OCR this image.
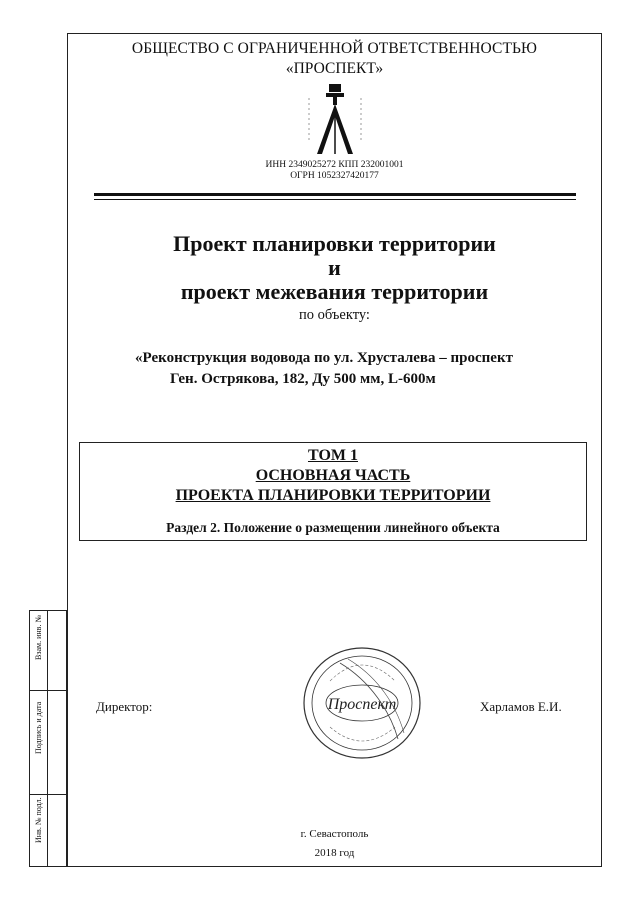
ОБЩЕСТВО С ОГРАНИЧЕННОЙ ОТВЕТСТВЕННОСТЬЮ
«ПРОСПЕКТ»
ИНН 2349025272 КПП 232001001
ОГРН 1052327420177
Проект планировки территории
и
проект межевания территории
по объекту:
«Реконструкция водовода по ул. Хрусталева – проспект
Ген. Острякова, 182, Ду 500 мм, L-600м
ТОМ 1
ОСНОВНАЯ ЧАСТЬ
ПРОЕКТА ПЛАНИРОВКИ ТЕРРИТОРИИ
Раздел 2. Положение о размещении линейного объекта
Директор:	Харламов Е.И.
Проспект
г. Севастополь
2018 год
Взам. инв. №
Подпись и дата
Инв. № подл.
